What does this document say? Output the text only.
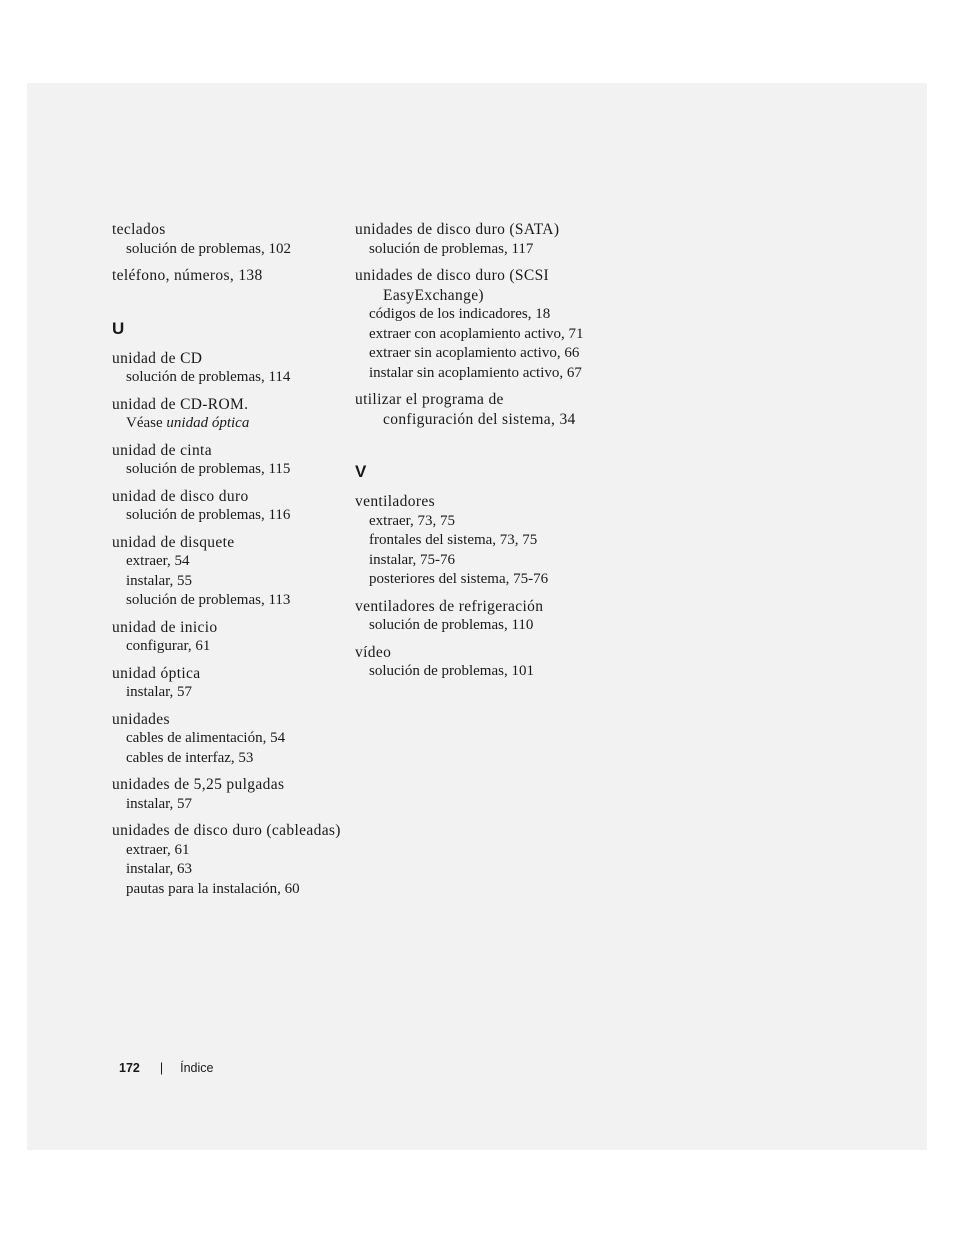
teclados
solución de problemas, 102
teléfono, números, 138
U
unidad de CD
solución de problemas, 114
unidad de CD-ROM.
Véase unidad óptica
unidad de cinta
solución de problemas, 115
unidad de disco duro
solución de problemas, 116
unidad de disquete
extraer, 54
instalar, 55
solución de problemas, 113
unidad de inicio
configurar, 61
unidad óptica
instalar, 57
unidades
cables de alimentación, 54
cables de interfaz, 53
unidades de 5,25 pulgadas
instalar, 57
unidades de disco duro (cableadas)
extraer, 61
instalar, 63
pautas para la instalación, 60
unidades de disco duro (SATA)
solución de problemas, 117
unidades de disco duro (SCSI EasyExchange)
códigos de los indicadores, 18
extraer con acoplamiento activo, 71
extraer sin acoplamiento activo, 66
instalar sin acoplamiento activo, 67
utilizar el programa de configuración del sistema, 34
V
ventiladores
extraer, 73, 75
frontales del sistema, 73, 75
instalar, 75-76
posteriores del sistema, 75-76
ventiladores de refrigeración
solución de problemas, 110
vídeo
solución de problemas, 101
172 | Índice
